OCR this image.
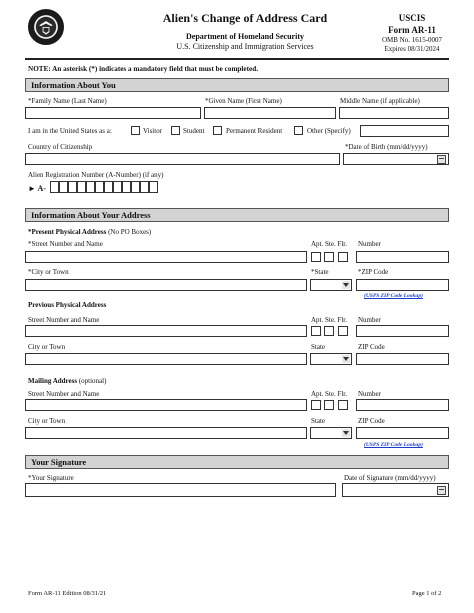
Alien's Change of Address Card
Department of Homeland Security
U.S. Citizenship and Immigration Services
USCIS
Form AR-11
OMB No. 1615-0007
Expires 08/31/2024
NOTE: An asterisk (*) indicates a mandatory field that must be completed.
Information About You
*Family Name (Last Name)	*Given Name (First Name)	Middle Name (if applicable)
I am in the United States as a:	Visitor	Student	Permanent Resident	Other (Specify)
Country of Citizenship	*Date of Birth (mm/dd/yyyy)
Alien Registration Number (A-Number) (if any)
► A-
Information About Your Address
*Present Physical Address (No PO Boxes)
*Street Number and Name	Apt. Ste. Flr. Number
*City or Town	*State	*ZIP Code
(USPS ZIP Code Lookup)
Previous Physical Address
Street Number and Name	Apt. Ste. Flr. Number
City or Town	State	ZIP Code
Mailing Address (optional)
Street Number and Name	Apt. Ste. Flr. Number
City or Town	State	ZIP Code
(USPS ZIP Code Lookup)
Your Signature
*Your Signature	Date of Signature (mm/dd/yyyy)
Form AR-11 Edition 08/31/21	Page 1 of 2
